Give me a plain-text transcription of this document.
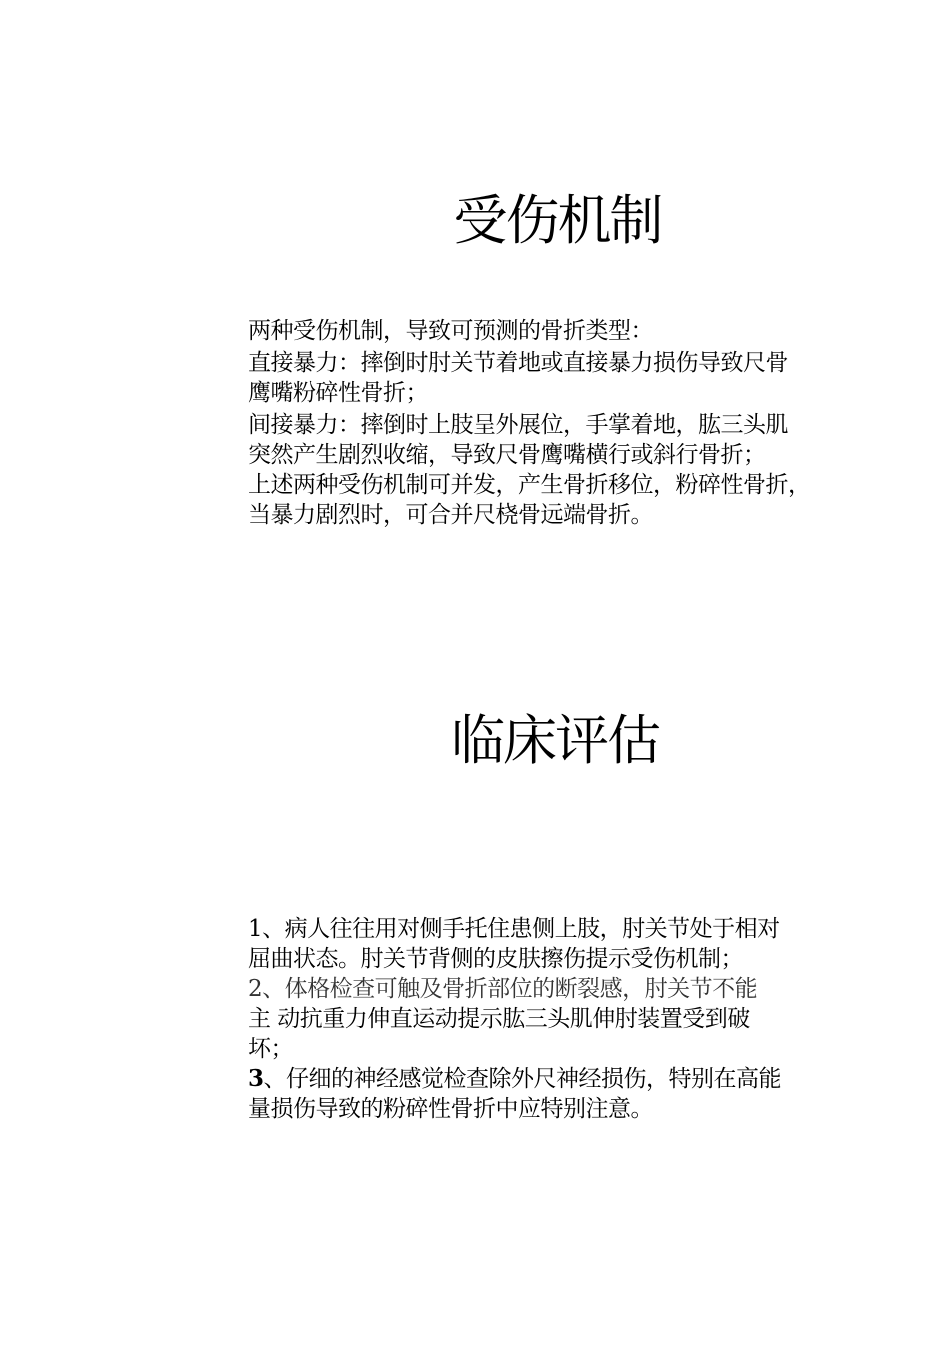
受伤机制

两种受伤机制，导致可预测的骨折类型：

直接暴力：摔倒时肘关节着地或直接暴力损伤导致尺骨

鹰嘴粉碎性骨折；

间接暴力：摔倒时上肢呈外展位，手掌着地，肱三头肌

突然产生剧烈收缩，导致尺骨鹰嘴横行或斜行骨折；

上述两种受伤机制可并发，产生骨折移位，粉碎性骨折，

当暴力剧烈时，可合并尺桡骨远端骨折。

临床评估

1、病人往往用对侧手托住患侧上肢，肘关节处于相对

屈曲状态。肘关节背侧的皮肤擦伤提示受伤机制；

2、体格检查可触及骨折部位的断裂感，肘关节不能

主 动抗重力伸直运动提示肱三头肌伸肘装置受到破

坏；

3、仔细的神经感觉检查除外尺神经损伤，特别在高能

量损伤导致的粉碎性骨折中应特别注意。
